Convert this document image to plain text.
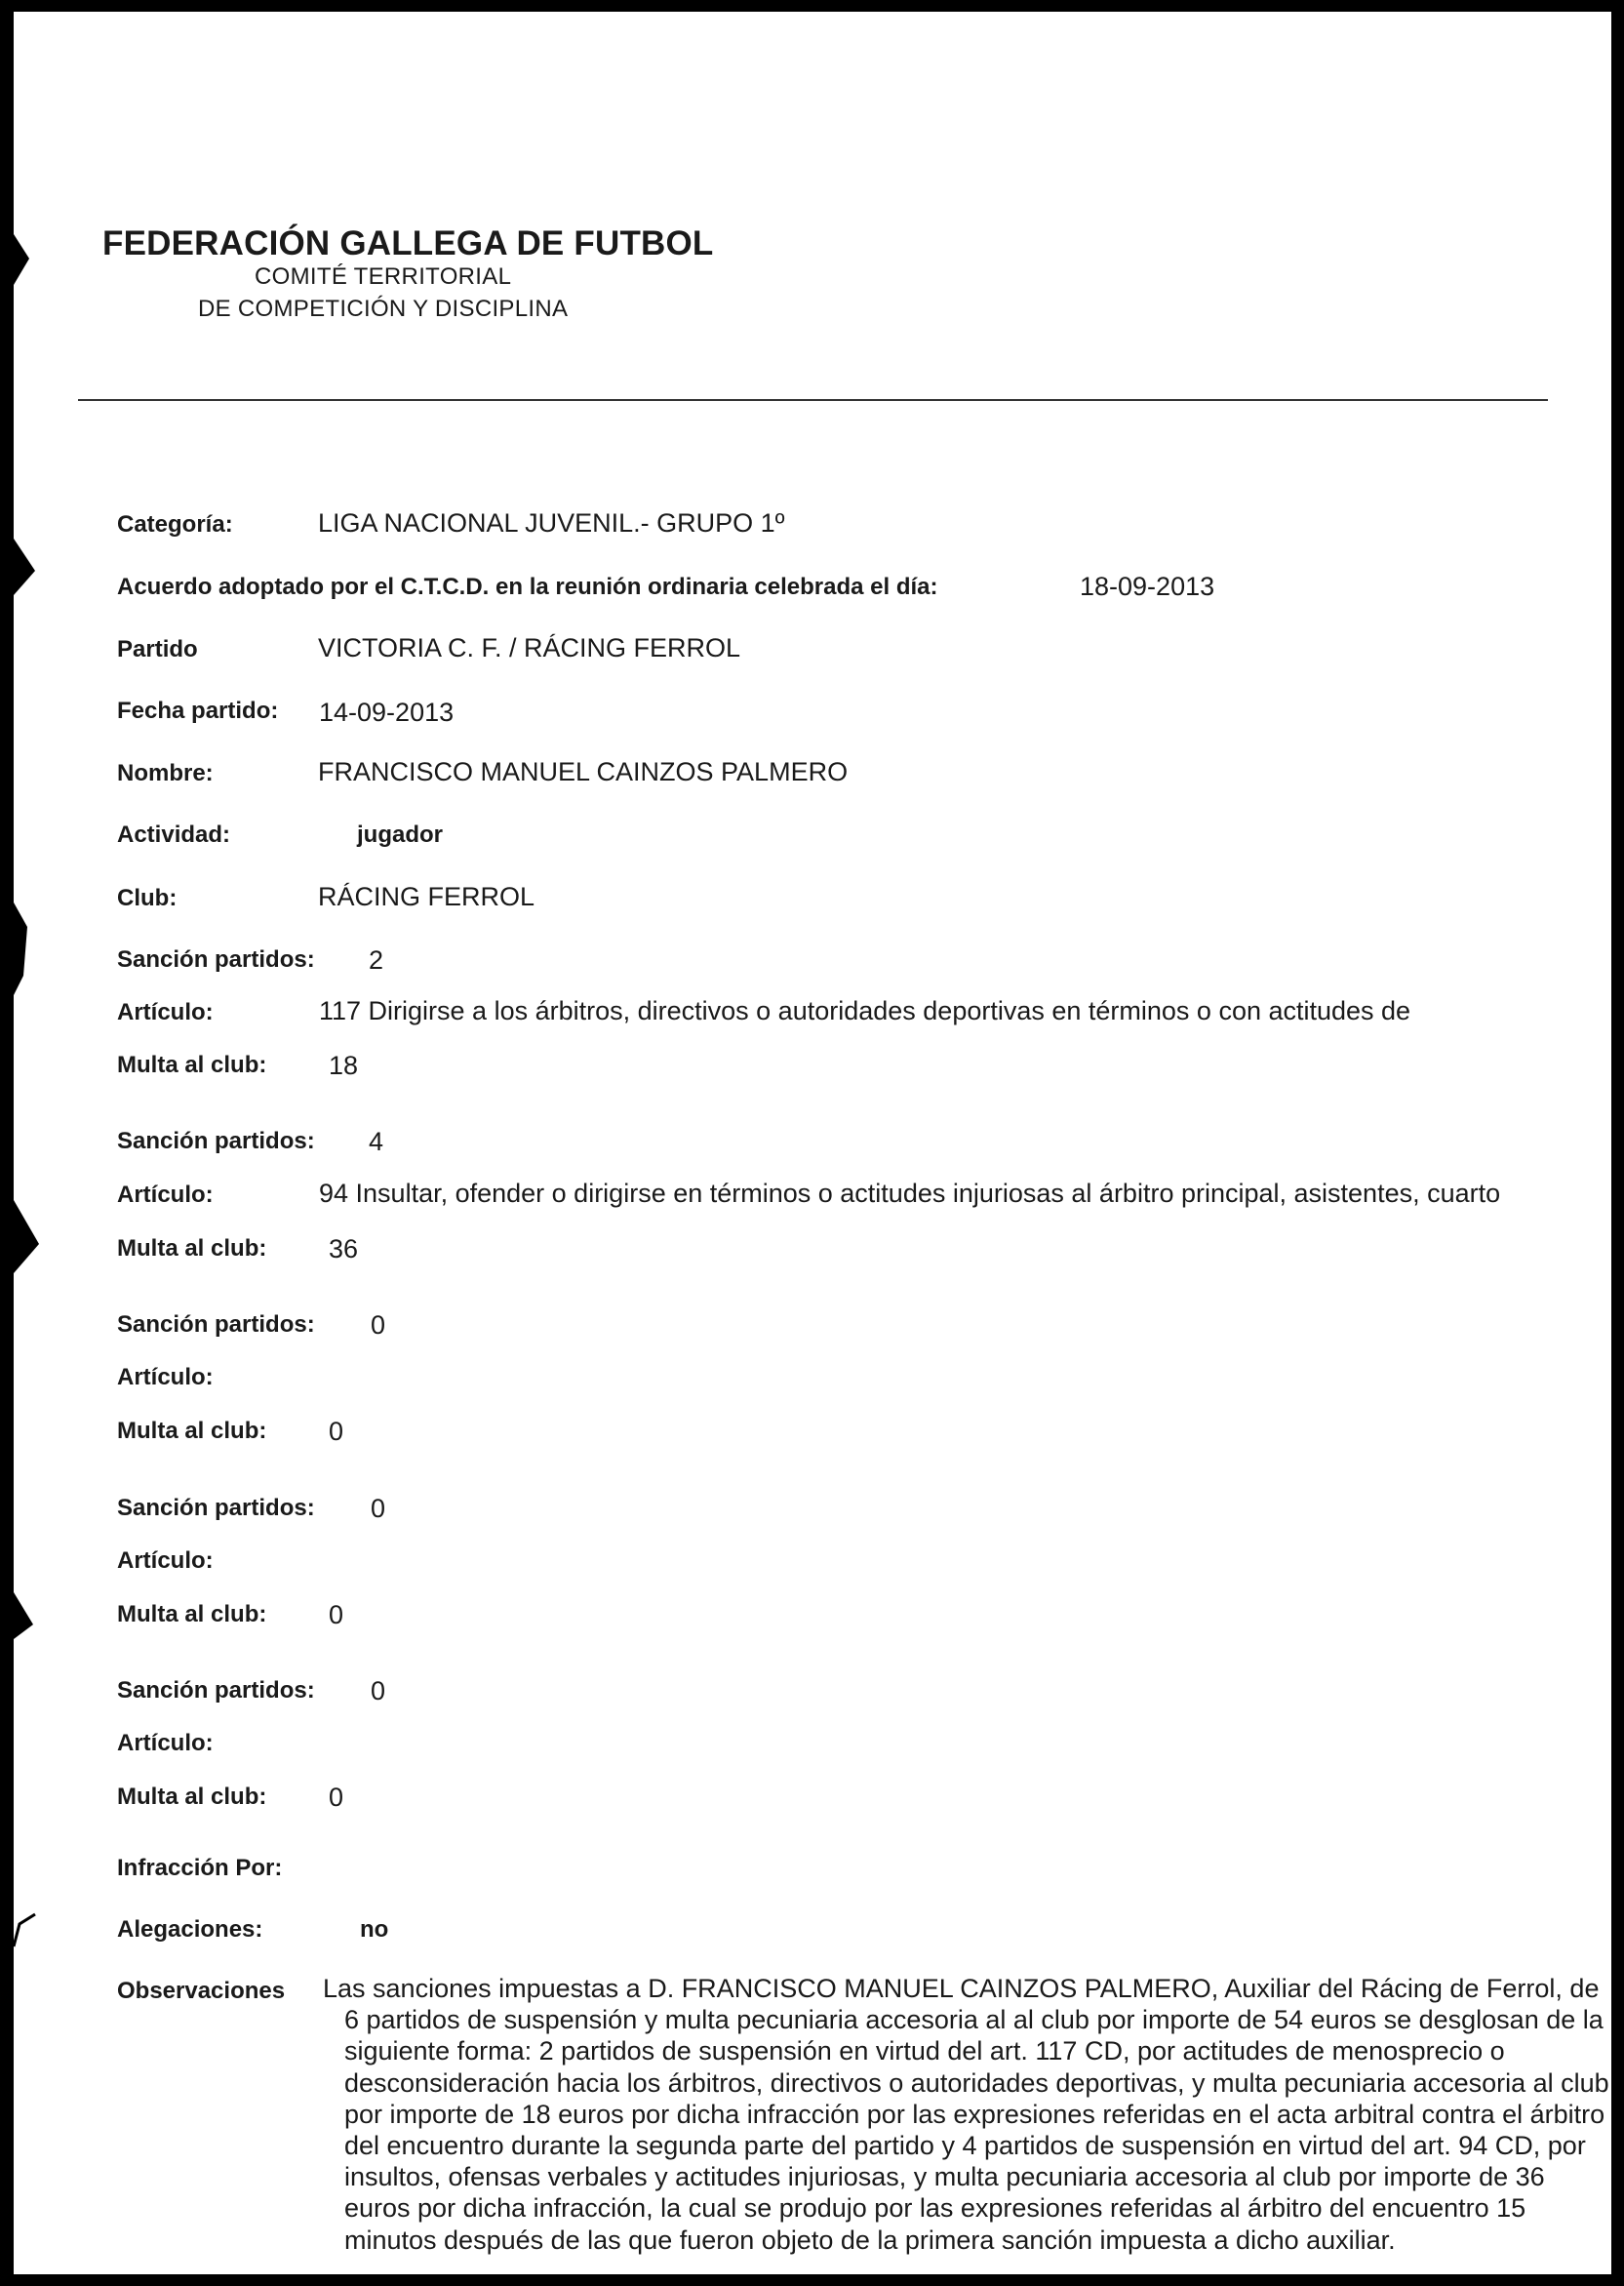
FEDERACIÓN GALLEGA DE FUTBOL
COMITÉ TERRITORIAL
DE COMPETICIÓN Y DISCIPLINA
Categoría:	LIGA NACIONAL JUVENIL.- GRUPO 1º
Acuerdo adoptado por el C.T.C.D. en la reunión ordinaria celebrada el día:	18-09-2013
Partido	VICTORIA C. F. / RÁCING FERROL
Fecha partido: 14-09-2013
Nombre:	FRANCISCO MANUEL CAINZOS PALMERO
Actividad:	jugador
Club:	RÁCING FERROL
Sanción partidos: 2
Artículo:	117 Dirigirse a los árbitros, directivos o autoridades deportivas en términos o con actitudes de
Multa al club: 18
Sanción partidos: 4
Artículo:	94 Insultar, ofender o dirigirse en términos o actitudes injuriosas al árbitro principal, asistentes, cuarto
Multa al club: 36
Sanción partidos: 0
Artículo:
Multa al club: 0
Sanción partidos: 0
Artículo:
Multa al club: 0
Sanción partidos: 0
Artículo:
Multa al club: 0
Infracción Por:
Alegaciones:	no
Observaciones Las sanciones impuestas a D. FRANCISCO MANUEL CAINZOS PALMERO, Auxiliar del Rácing de Ferrol, de 6 partidos de suspensión y multa pecuniaria accesoria al al club por importe de 54 euros se desglosan de la siguiente forma: 2 partidos de suspensión en virtud del art. 117 CD, por actitudes de menosprecio o desconsideración hacia los árbitros, directivos o autoridades deportivas, y multa pecuniaria accesoria al club por importe de 18 euros por dicha infracción por las expresiones referidas en el acta arbitral contra el árbitro del encuentro durante la segunda parte del partido y 4 partidos de suspensión en virtud del art. 94 CD, por insultos, ofensas verbales y actitudes injuriosas, y multa pecuniaria accesoria al club por importe de 36 euros por dicha infracción, la cual se produjo por las expresiones referidas al árbitro del encuentro 15 minutos después de las que fueron objeto de la primera sanción impuesta a dicho auxiliar.
